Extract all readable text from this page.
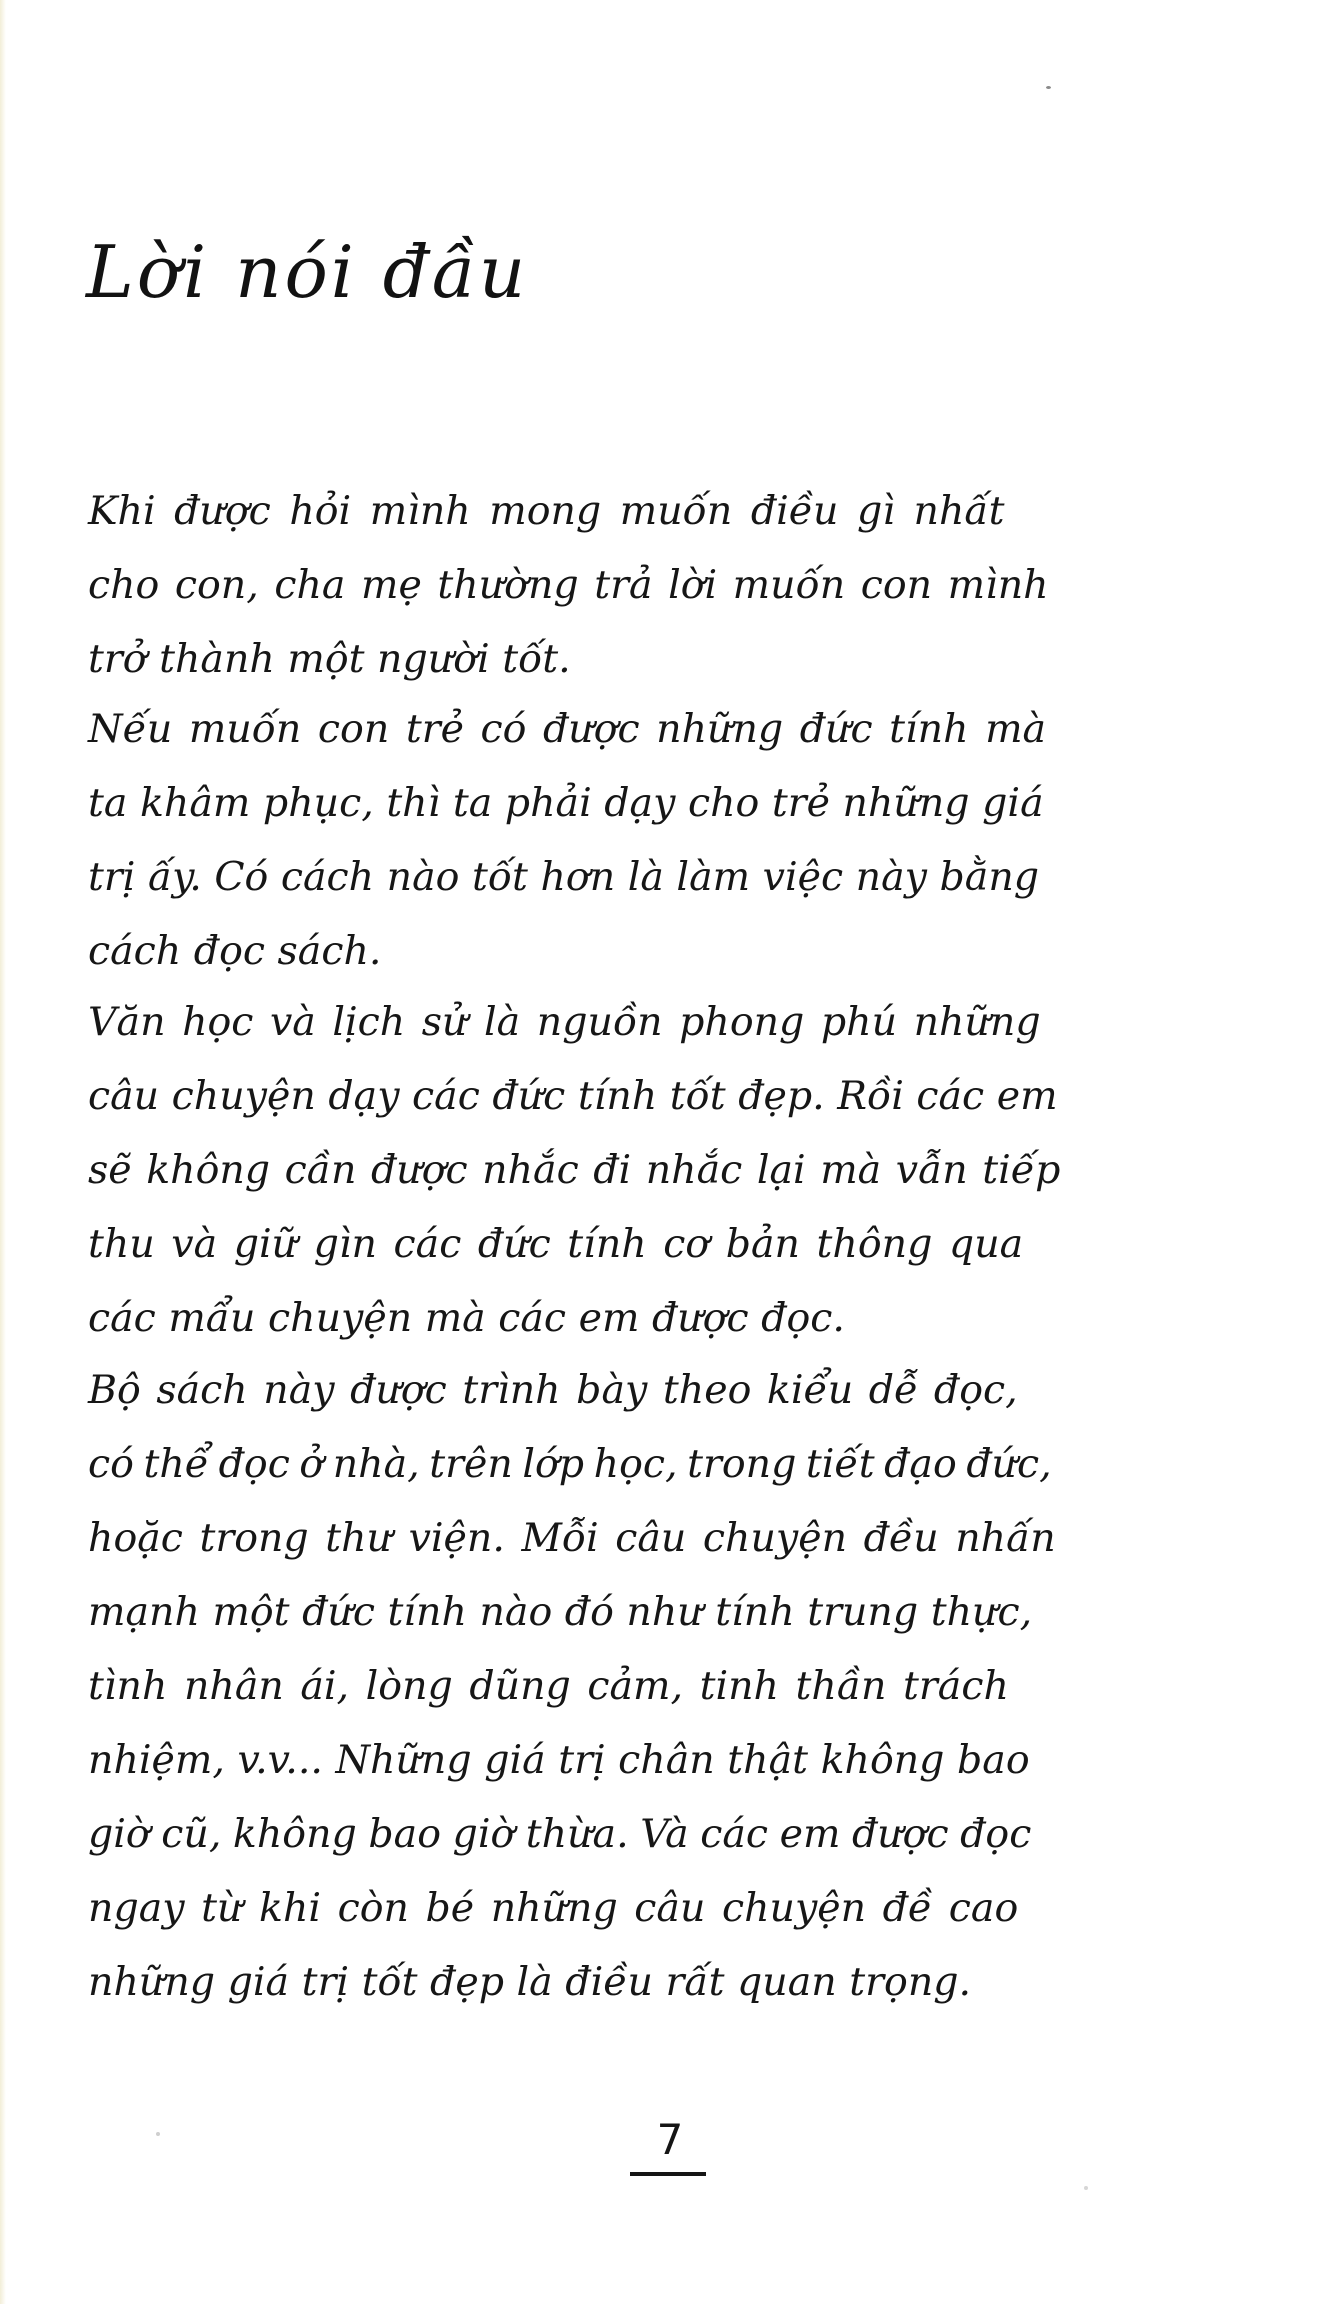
Lời nói đầu

Khi được hỏi mình mong muốn điều gì nhất
cho con, cha mẹ thường trả lời muốn con mình
trở thành một người tốt.

Nếu muốn con trẻ có được những đức tính mà
ta khâm phục, thì ta phải dạy cho trẻ những giá
trị ấy. Có cách nào tốt hơn là làm việc này bằng
cách đọc sách.

Văn học và lịch sử là nguồn phong phú những
câu chuyện dạy các đức tính tốt đẹp. Rồi các em
sẽ không cần được nhắc đi nhắc lại mà vẫn tiếp
thu và giữ gìn các đức tính cơ bản thông qua
các mẩu chuyện mà các em được đọc.

Bộ sách này được trình bày theo kiểu dễ đọc,
có thể đọc ở nhà, trên lớp học, trong tiết đạo đức,
hoặc trong thư viện. Mỗi câu chuyện đều nhấn
mạnh một đức tính nào đó như tính trung thực,
tình nhân ái, lòng dũng cảm, tinh thần trách
nhiệm, v.v... Những giá trị chân thật không bao
giờ cũ, không bao giờ thừa. Và các em được đọc
ngay từ khi còn bé những câu chuyện đề cao
những giá trị tốt đẹp là điều rất quan trọng.

7
